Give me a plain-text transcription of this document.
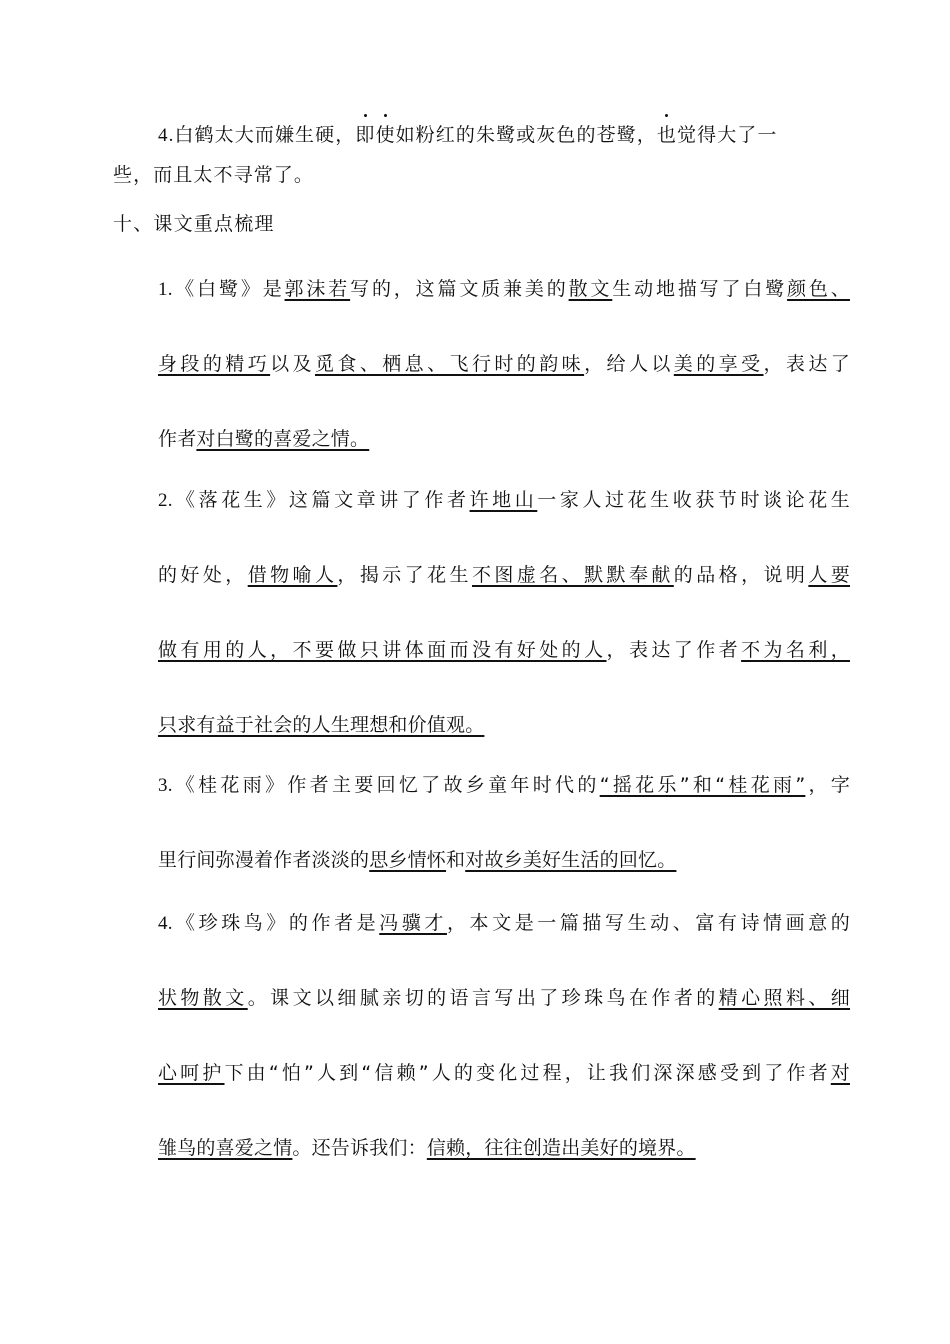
4.白鹤太大而嫌生硬，即使如粉红的朱鹭或灰色的苍鹭，也觉得大了一
些，而且太不寻常了。
十、课文重点梳理
1.《白鹭》是郭沫若写的，这篇文质兼美的散文生动地描写了白鹭颜色、
身段的精巧以及觅食、栖息、飞行时的韵味，给人以美的享受，表达了
作者对白鹭的喜爱之情。
2.《落花生》这篇文章讲了作者许地山一家人过花生收获节时谈论花生
的好处，借物喻人，揭示了花生不图虚名、默默奉献的品格，说明人要
做有用的人，不要做只讲体面而没有好处的人，表达了作者不为名利，
只求有益于社会的人生理想和价值观。
3.《桂花雨》作者主要回忆了故乡童年时代的“摇花乐”和“桂花雨”，字
里行间弥漫着作者淡淡的思乡情怀和对故乡美好生活的回忆。
4.《珍珠鸟》的作者是冯骥才，本文是一篇描写生动、富有诗情画意的
状物散文。课文以细腻亲切的语言写出了珍珠鸟在作者的精心照料、细
心呵护下由“怕”人到“信赖”人的变化过程，让我们深深感受到了作者对
雏鸟的喜爱之情。还告诉我们：信赖，往往创造出美好的境界。
